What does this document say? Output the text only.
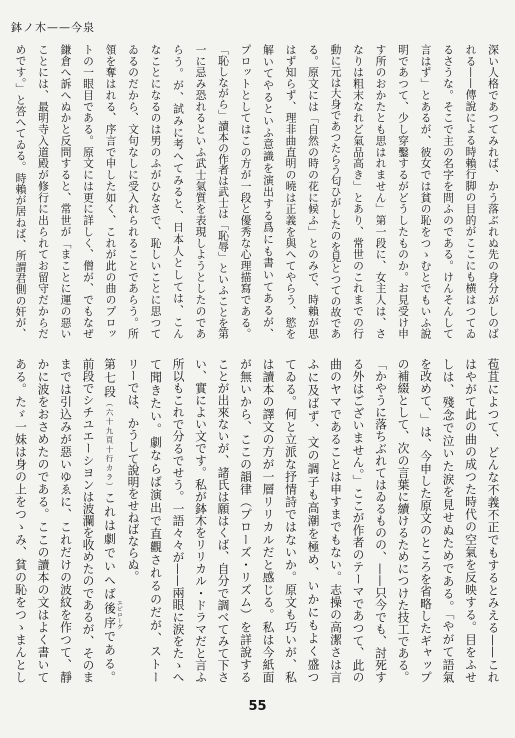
鉢ノ木——今泉
深い人格であつてみれば、かう落ぶれぬ先の身分がしのば
れる——傳說による時賴行脚の目的がここにも横はつてゐ
るさうな。そこで主の名字を問ふのである。けんそんして
言はず」とあるが、彼女では貧の恥をつゝむとでもいふ說
明であつて、少し穿鑿するがどうしたものか。お見受け申
す所のおかたとも思はれません」第一段に、女主人は、さ
なりは粗末なれど氣品高き」とあり、常世のこれまでの行
動に元は大身であつたらう匂ひがしたのを見とつての故であ
る。原文には「自然の時の花に候ふ」とのみで、時賴が思
はず知らず、理非曲直明の曉は正義を與へてやらう、慾を
解いてやるといふ意識を演出する爲にも書いてあるが、
プロットとしてはこの方が一段と優秀な心理描寫である。
「恥しながら」讀本の作者は武士は「恥辱」といふことを第
一に忌み恐れるといふ武士氣質を表現しようとしたのであ
らう。が、試みに考へてみると、日本人としては、こん
なことになるのは男のふがひなさで、恥しいことに思つて
ゐるのだから、文句なしに受入れられることであらう。所
領を奪はれる、序言で申した如く、これが此の曲のプロッ
トの一眼目である。原文には更に詳しく、僧が、でもなぜ
鎌倉へ訴へぬかと反問すると、常世が「まことに運の惡い
ことには、最明寺入道殿が修行に出られてお留守だからだ
めです。」と答へてゐる。時賴が居ねば、所謂君側の奸が、
苞苴によつて、どんな不義不正でもするとみえる——これ
はやがて此の曲の成つた時代の空氣を反映する。目をふせ
しは、殘念で泣いた涙を見せぬためである。「やがて語氣
を改めて、」は、今申した原文のところを省略したギャップ
の補綴として、次の言葉に續けるためにつけた技工である。
「かやうに落ちぶれてはゐるものの、——只今でも、討死す
る外はございません。」ここが作者のテーマであつて、此の
曲のヤマであることは申すまでもない。志操の高潔さは言
ふに及ばず、文の調子も高潮を極め、いかにもよく盛つ
てゐる。何と立派な抒情詩ではないか。原文も巧いが、私
は讀本の譯文の方が一層リリカルだと感じる。私は今紙面
が無いから、ここの韻律（プローズ・リズム）を詳說する
ことが出來ないが、諸氏は願はくば、自分で調べてみて下さ
い、實によい文です。私が鉢木をリリカル・ドラマだと言ふ
所以もこれで分るでせう。一語々々が——兩眼に涙をたゝへ
て聞きたい。劇ならば演出で直觀されるのだが、ストー
リーでは、かうして說明をせねばならぬ。
第七段（六十九頁十行カラ）これは劇でいへば後序 エピローグである。
前段でシチユエーシヨンは波瀾を收めたのであるが、そのま
までは引込みが惡いゆゑに、これだけの波紋を作つて、靜
かに波をおさめたのである。ここの讀本の文はよく書いて
ある。たゞ一妹は身の上をつゝみ、貧の恥をつゝまんとし
55
